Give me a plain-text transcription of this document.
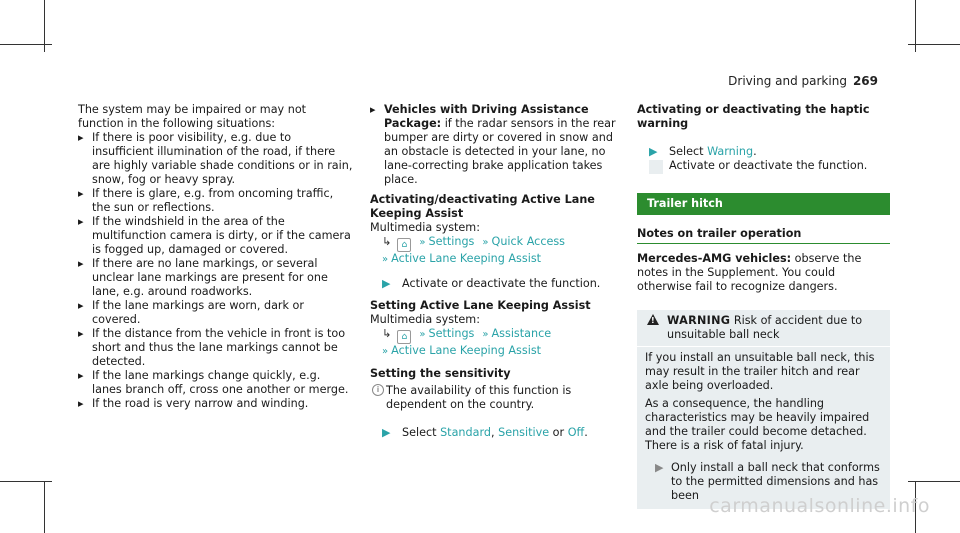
Driving and parking 269

The system may be impaired or may not function in the following situations:

▸ If there is poor visibility, e.g. due to insufficient illumination of the road, if there are highly variable shade conditions or in rain, snow, fog or heavy spray.
▸ If there is glare, e.g. from oncoming traffic, the sun or reflections.
▸ If the windshield in the area of the multifunction camera is dirty, or if the camera is fogged up, damaged or covered.
▸ If there are no lane markings, or several unclear lane markings are present for one lane, e.g. around roadworks.
▸ If the lane markings are worn, dark or covered.
▸ If the distance from the vehicle in front is too short and thus the lane markings cannot be detected.
▸ If the lane markings change quickly, e.g. lanes branch off, cross one another or merge.
▸ If the road is very narrow and winding.
▸ Vehicles with Driving Assistance Package: if the radar sensors in the rear bumper are dirty or covered in snow and an obstacle is detected in your lane, no lane-correcting brake application takes place.
Activating/deactivating Active Lane Keeping Assist

Multimedia system:

↳ ⌂ » Settings » Quick Access
» Active Lane Keeping Assist
▶ Activate or deactivate the function.
Setting Active Lane Keeping Assist

Multimedia system:

↳ ⌂ » Settings » Assistance
» Active Lane Keeping Assist
Setting the sensitivity
i The availability of this function is dependent on the country.
▶ Select Standard, Sensitive or Off.
Activating or deactivating the haptic warning
▶ Select Warning.
Activate or deactivate the function.
Trailer hitch
Notes on trailer operation

Mercedes-AMG vehicles: observe the notes in the Supplement. You could otherwise fail to recognize dangers.

! WARNING Risk of accident due to unsuitable ball neck

If you install an unsuitable ball neck, this may result in the trailer hitch and rear axle being overloaded.

As a consequence, the handling characteristics may be heavily impaired and the trailer could become detached. There is a risk of fatal injury.

▶ Only install a ball neck that conforms to the permitted dimensions and has been carmanualsonline.info
